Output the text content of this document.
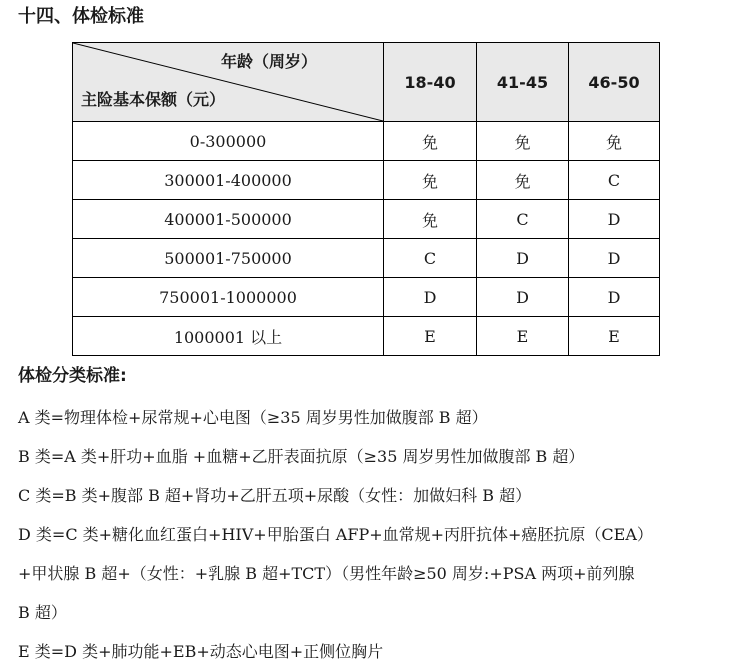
十四、体检标准
年龄（周岁）
主险基本保额（元）	18-40	41-45	46-50
0-300000	免	免	免
300001-400000	免	免	C
400001-500000	免	C	D
500001-750000	C	D	D
750001-1000000	D	D	D
1000001 以上	E	E	E
体检分类标准:

A 类=物理体检+尿常规+心电图（≥35 周岁男性加做腹部 B 超）

B 类=A 类+肝功+血脂 +血糖+乙肝表面抗原（≥35 周岁男性加做腹部 B 超）

C 类=B 类+腹部 B 超+肾功+乙肝五项+尿酸（女性：加做妇科 B 超）

D 类=C 类+糖化血红蛋白+HIV+甲胎蛋白 AFP+血常规+丙肝抗体+癌胚抗原（CEA）

+甲状腺 B 超+（女性：+乳腺 B 超+TCT）（男性年龄≥50 周岁:+PSA 两项+前列腺

B 超）

E 类=D 类+肺功能+EB+动态心电图+正侧位胸片
